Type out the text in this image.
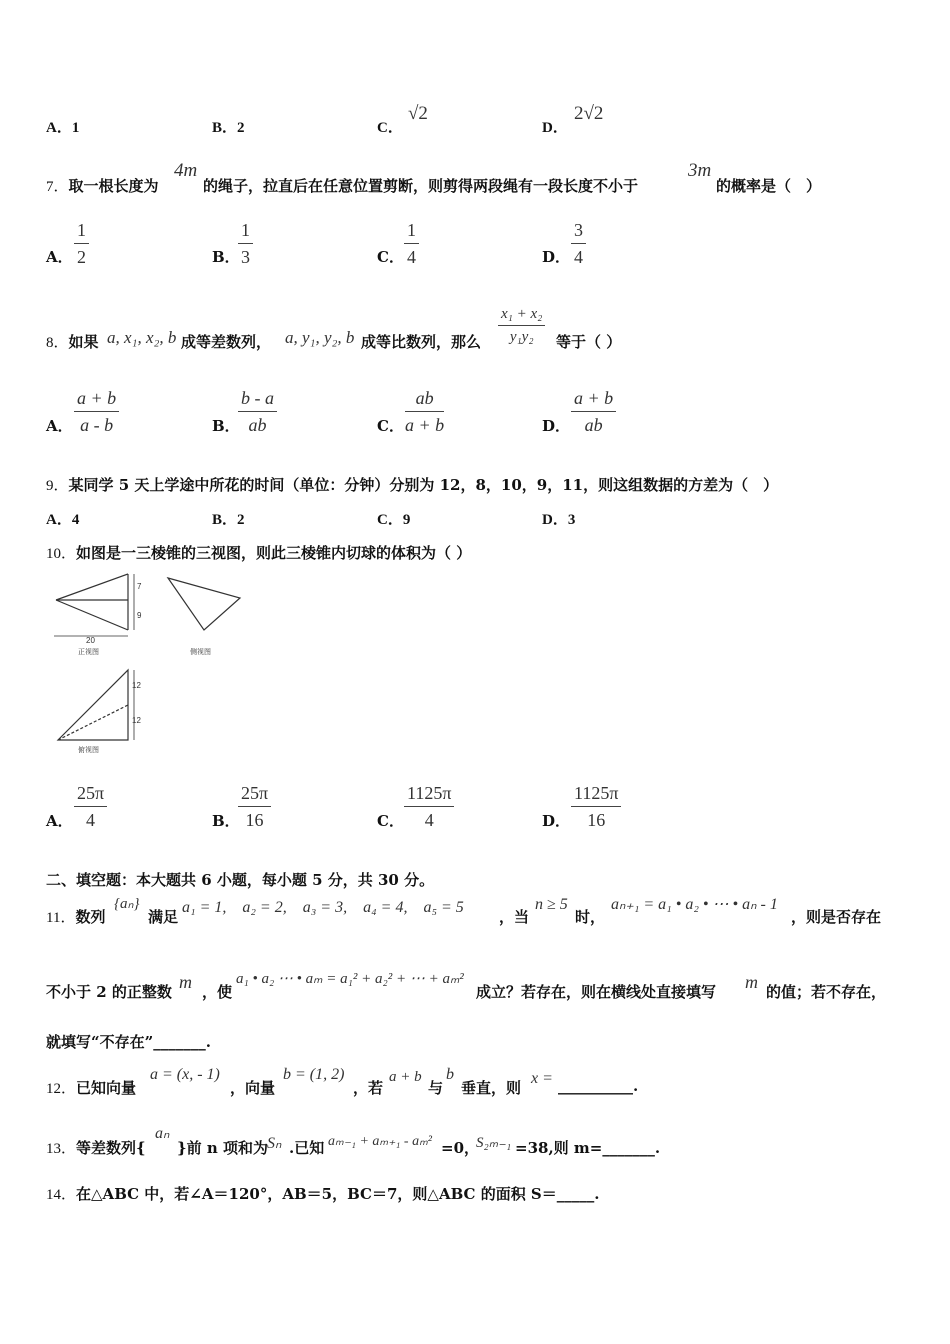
A．1	B．2	C．
√2
D．
2√2
7．取一根长度为
4m
的绳子，拉直后在任意位置剪断，则剪得两段绳有一段长度不小于
3m
的概率是（　）
A． $\frac{1}{2}$	B．
$\frac{1}{3}$	C． $\frac{1}{4}$	D． $\frac{3}{4}$
8．如果 a, x₁, x₂, b 成等差数列， a, y₁, y₂, b 成等比数列，那么 $\frac{\text{x₁ + x₂}}{\text{y₁y₂}}$ 等于（ ）
A． $\frac{a + b}{a - b}$	B．
$\frac{b - a}{ab}$	C． $\frac{ab}{a + b}$	D． $\frac{a + b}{ab}$
9．某同学 5 天上学途中所花的时间（单位：分钟）分别为 12，8，10，9，11，则这组数据的方差为（　）
A．4	B．2	C．9	D．3
10．如图是一三棱锥的三视图，则此三棱锥内切球的体积为（ ）
7
9
20
正视图	侧视图
12
12
俯视图
A． $\frac{25\pi}{4}$	B．
$\frac{25\pi}{16}$	C． $\frac{1125\pi}{4}$	D． $\frac{1125\pi}{16}$
二、填空题：本大题共 6 小题，每小题 5 分，共 30 分。
11．数列
{aₙ}
满足
a₁ = 1,　a₂ = 2,　a₃ = 3,　a₄ = 4,　a₅ = 5
，当
n ≥ 5
时，
aₙ₊₁ = a₁ • a₂ • ⋯ • aₙ - 1
，则是否存在
不小于 2 的正整数 m ，使
a₁ • a₂ ⋯ • aₘ = a₁² + a₂² + ⋯ + aₘ²
成立？若存在，则在横线处直接填写 m 的值；若不存在，
就填写“不存在”_______.
12．已知向量
a = (x, - 1)
，向量
b = (1, 2)
，若
a + b
与
b
垂直，则
x = __________.
13．等差数列{
aₙ
}前 n 项和为 Sₙ .已知 aₘ₋₁ + aₘ₊₁ - aₘ² =0，
S₂ₘ₋₁ =38,则 m=_______.
14．在△ABC 中，若∠A＝120°，AB＝5，BC＝7，则△ABC 的面积 S＝_____.
